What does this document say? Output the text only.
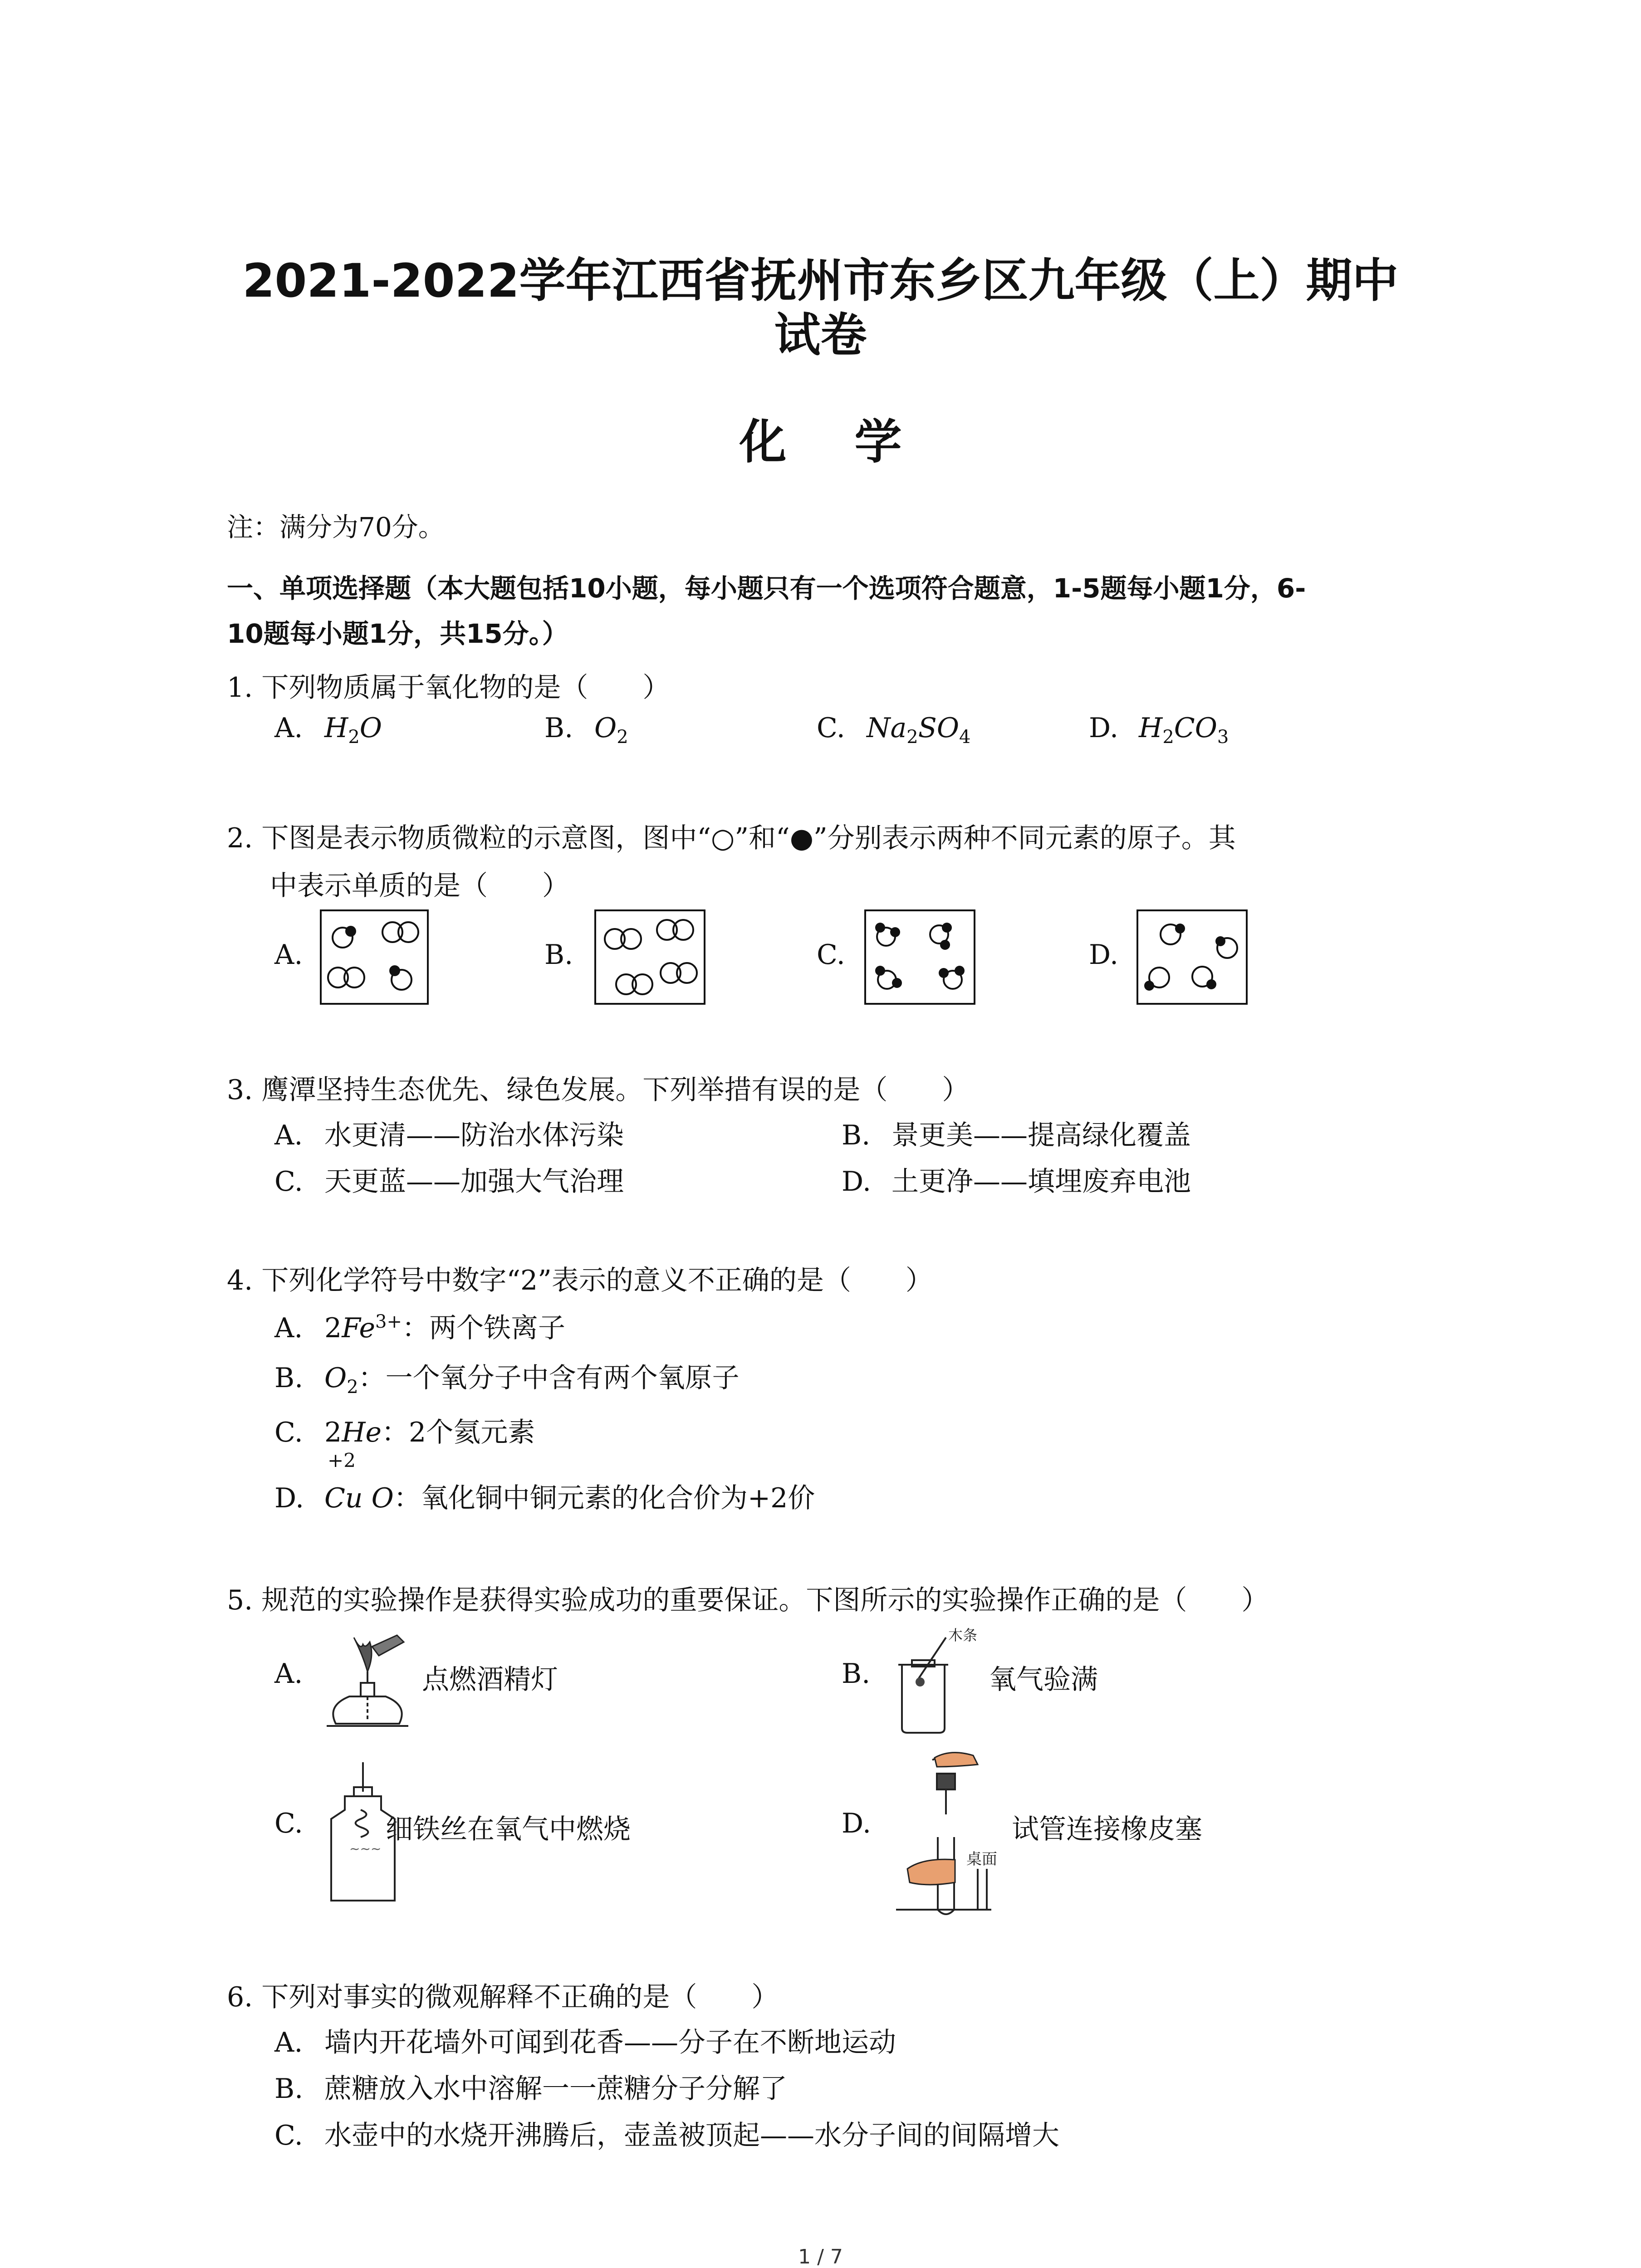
2021-2022学年江西省抚州市东乡区九年级（上）期中
试卷
化学
注：满分为70分。
一、单项选择题（本大题包括10小题，每小题只有一个选项符合题意，1-5题每小题1分，6-
10题每小题1分，共15分。）
1. 下列物质属于氧化物的是（　　）
A. $H_2O$	B. $O_2$	C. $Na_2SO_4$	D. $H_2CO_3$
2. 下图是表示物质微粒的示意图，图中“○”和“●”分别表示两种不同元素的原子。其
中表示单质的是（　　）
A.	B.	C.	D.
3. 鹰潭坚持生态优先、绿色发展。下列举措有误的是（　　）
A. 水更清——防治水体污染	B. 景更美——提高绿化覆盖
C. 天更蓝——加强大气治理	D. 土更净——填埋废弃电池
4. 下列化学符号中数字“2”表示的意义不正确的是（　　）
A. $2Fe^{3+}$：两个铁离子
B. $O_2$：一个氧分子中含有两个氧原子
C. 2He：2个氦元素
+2
D. Cu O：氧化铜中铜元素的化合价为+2价
5. 规范的实验操作是获得实验成功的重要保证。下图所示的实验操作正确的是（　　）
A.	点燃酒精灯	B.	氧气验满
C.	细铁丝在氧气中燃烧	D.	试管连接橡皮塞
木条
~~~
桌面
6. 下列对事实的微观解释不正确的是（　　）
A. 墙内开花墙外可闻到花香——分子在不断地运动
B. 蔗糖放入水中溶解一一蔗糖分子分解了
C. 水壶中的水烧开沸腾后，壶盖被顶起——水分子间的间隔增大
1 / 7
